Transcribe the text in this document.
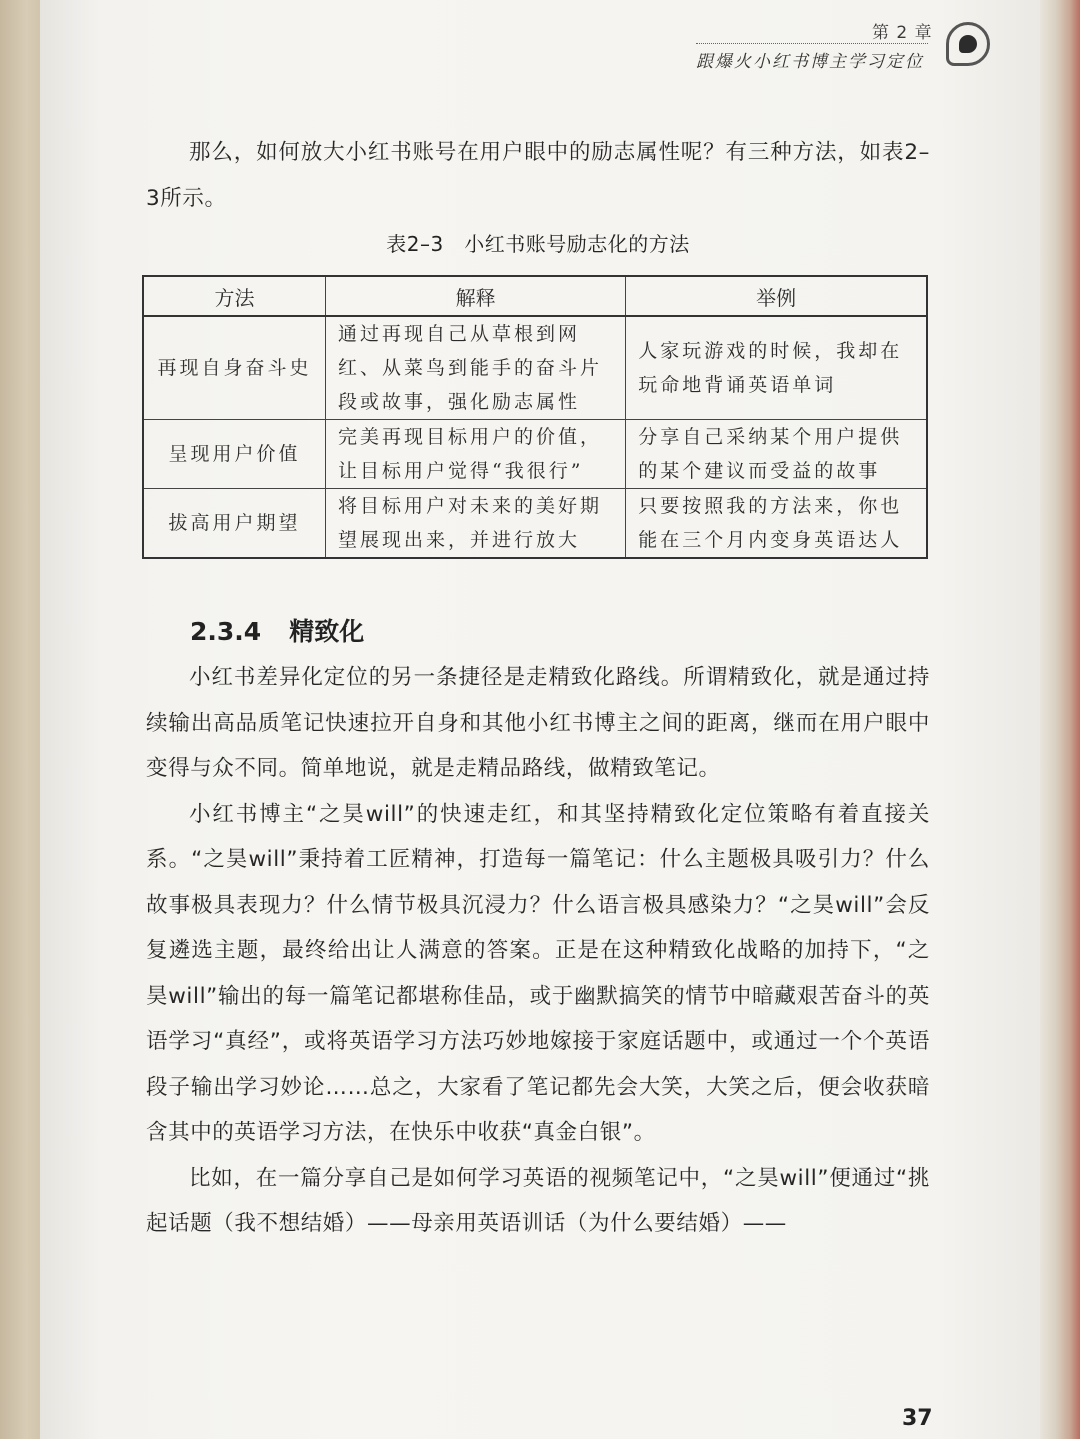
第 2 章
跟爆火小红书博主学习定位
那么，如何放大小红书账号在用户眼中的励志属性呢？有三种方法，如表2–3所示。
表2–3　小红书账号励志化的方法
方法	解释	举例
再现自身奋斗史	通过再现自己从草根到网红、从菜鸟到能手的奋斗片段或故事，强化励志属性	人家玩游戏的时候，我却在玩命地背诵英语单词
呈现用户价值	完美再现目标用户的价值，让目标用户觉得“我很行”	分享自己采纳某个用户提供的某个建议而受益的故事
拔高用户期望	将目标用户对未来的美好期望展现出来，并进行放大	只要按照我的方法来，你也能在三个月内变身英语达人
2.3.4 精致化
小红书差异化定位的另一条捷径是走精致化路线。所谓精致化，就是通过持续输出高品质笔记快速拉开自身和其他小红书博主之间的距离，继而在用户眼中变得与众不同。简单地说，就是走精品路线，做精致笔记。
小红书博主“之昊will”的快速走红，和其坚持精致化定位策略有着直接关系。“之昊will”秉持着工匠精神，打造每一篇笔记：什么主题极具吸引力？什么故事极具表现力？什么情节极具沉浸力？什么语言极具感染力？“之昊will”会反复遴选主题，最终给出让人满意的答案。正是在这种精致化战略的加持下，“之昊will”输出的每一篇笔记都堪称佳品，或于幽默搞笑的情节中暗藏艰苦奋斗的英语学习“真经”，或将英语学习方法巧妙地嫁接于家庭话题中，或通过一个个英语段子输出学习妙论……总之，大家看了笔记都先会大笑，大笑之后，便会收获暗含其中的英语学习方法，在快乐中收获“真金白银”。
比如，在一篇分享自己是如何学习英语的视频笔记中，“之昊will”便通过“挑起话题（我不想结婚）——母亲用英语训话（为什么要结婚）——
37
